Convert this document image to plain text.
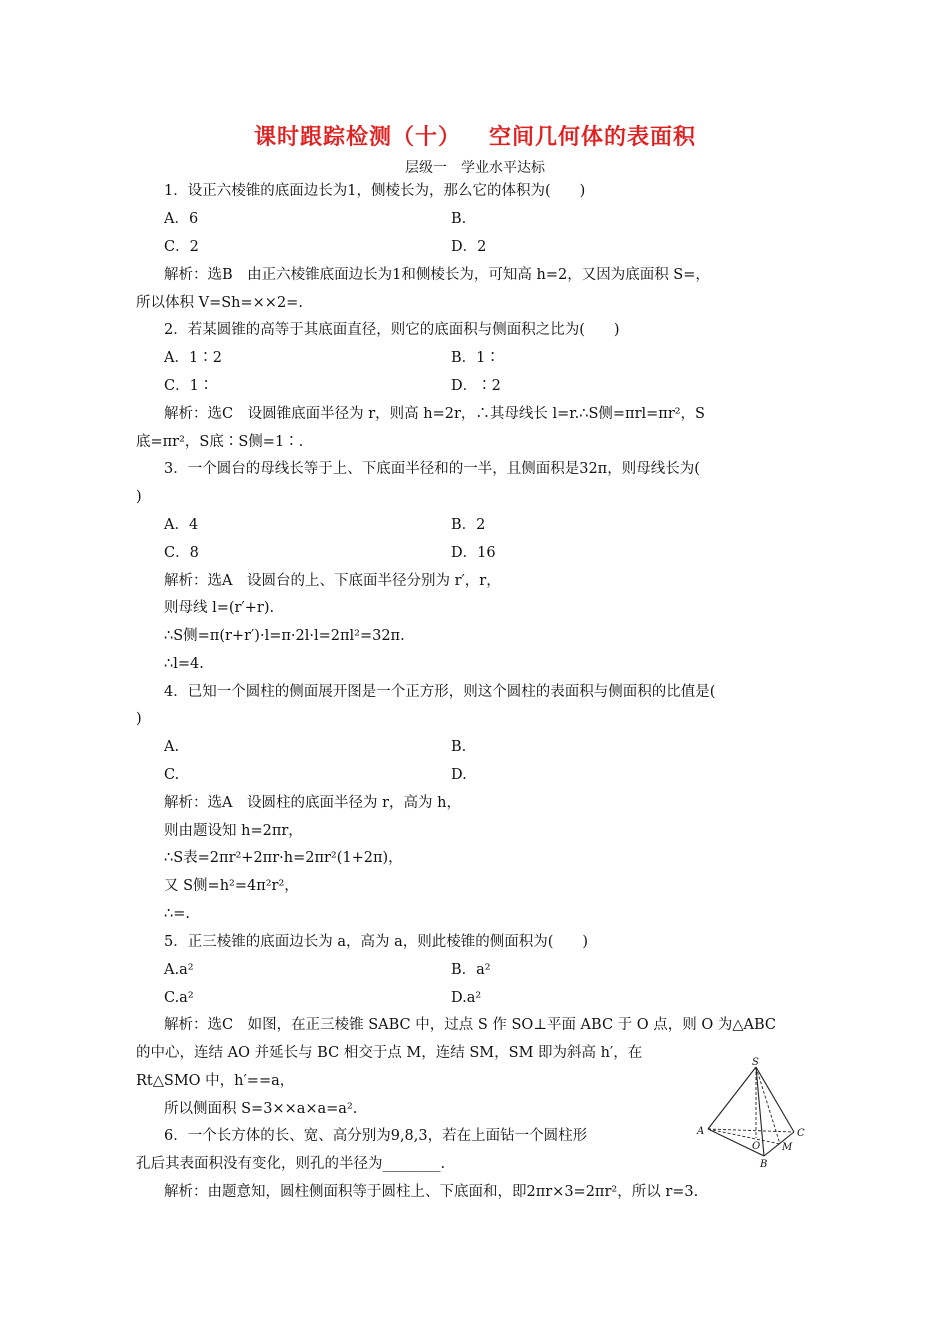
课时跟踪检测（十） 空间几何体的表面积
层级一　学业水平达标
1．设正六棱锥的底面边长为1，侧棱长为，那么它的体积为(　　)
A．6	B.
C．2	D．2
解析：选B　由正六棱锥底面边长为1和侧棱长为，可知高 h=2，又因为底面积 S=，
所以体积 V=Sh=××2=.
2．若某圆锥的高等于其底面直径，则它的底面积与侧面积之比为(　　)
A．1∶2	B．1∶
C．1∶	D．∶2
解析：选C　设圆锥底面半径为 r，则高 h=2r，∴其母线长 l=r.∴S侧=πrl=πr²，S
底=πr²，S底∶S侧=1∶.
3．一个圆台的母线长等于上、下底面半径和的一半，且侧面积是32π，则母线长为(
)
A．4	B．2
C．8	D．16
解析：选A　设圆台的上、下底面半径分别为 r′，r，
则母线 l=(r′+r).
∴S侧=π(r+r′)·l=π·2l·l=2πl²=32π.
∴l=4.
4．已知一个圆柱的侧面展开图是一个正方形，则这个圆柱的表面积与侧面积的比值是(
)
A.	B.
C.	D.
解析：选A　设圆柱的底面半径为 r，高为 h，
则由题设知 h=2πr，
∴S表=2πr²+2πr·h=2πr²(1+2π)，
又 S侧=h²=4π²r²，
∴=.
5．正三棱锥的底面边长为 a，高为 a，则此棱锥的侧面积为(　　)
A.a²	B．a²
C.a²	D.a²
解析：选C　如图，在正三棱锥 SABC 中，过点 S 作 SO⊥平面 ABC 于 O 点，则 O 为△ABC
的中心，连结 AO 并延长与 BC 相交于点 M，连结 SM，SM 即为斜高 h′，在
Rt△SMO 中，h′==a，
所以侧面积 S=3××a×a=a².
6．一个长方体的长、宽、高分别为9,8,3，若在上面钻一个圆柱形
孔后其表面积没有变化，则孔的半径为________.
解析：由题意知，圆柱侧面积等于圆柱上、下底面和，即2πr×3=2πr²，所以 r=3.
S
A
O M
C
B
